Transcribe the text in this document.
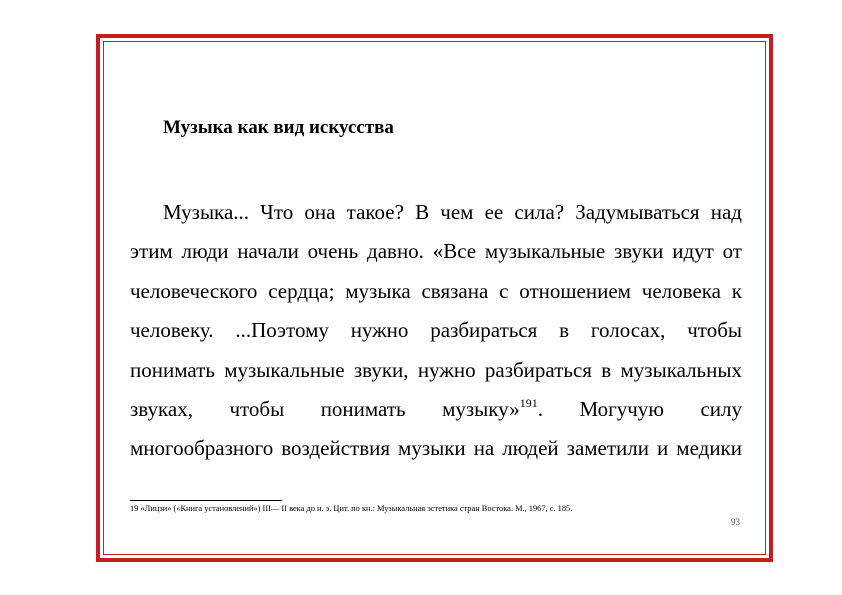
Музыка как вид искусства
Музыка... Что она такое? В чем ее сила? Задумываться над
этим люди начали очень давно. «Все музыкальные звуки идут от
человеческого сердца; музыка связана с отношением человека к
человеку. ...Поэтому нужно разбираться в голосах, чтобы
понимать музыкальные звуки, нужно разбираться в музыкальных
звуках, чтобы понимать музыку»$^{191}$. Могучую силу
многообразного воздействия музыки на людей заметили и медики
19 «Лицзи» («Книга установлений») III— II века до н. э. Цит. по кн.: Музыкальная эстетика стран Востока. М., 1967, с. 185.
93
